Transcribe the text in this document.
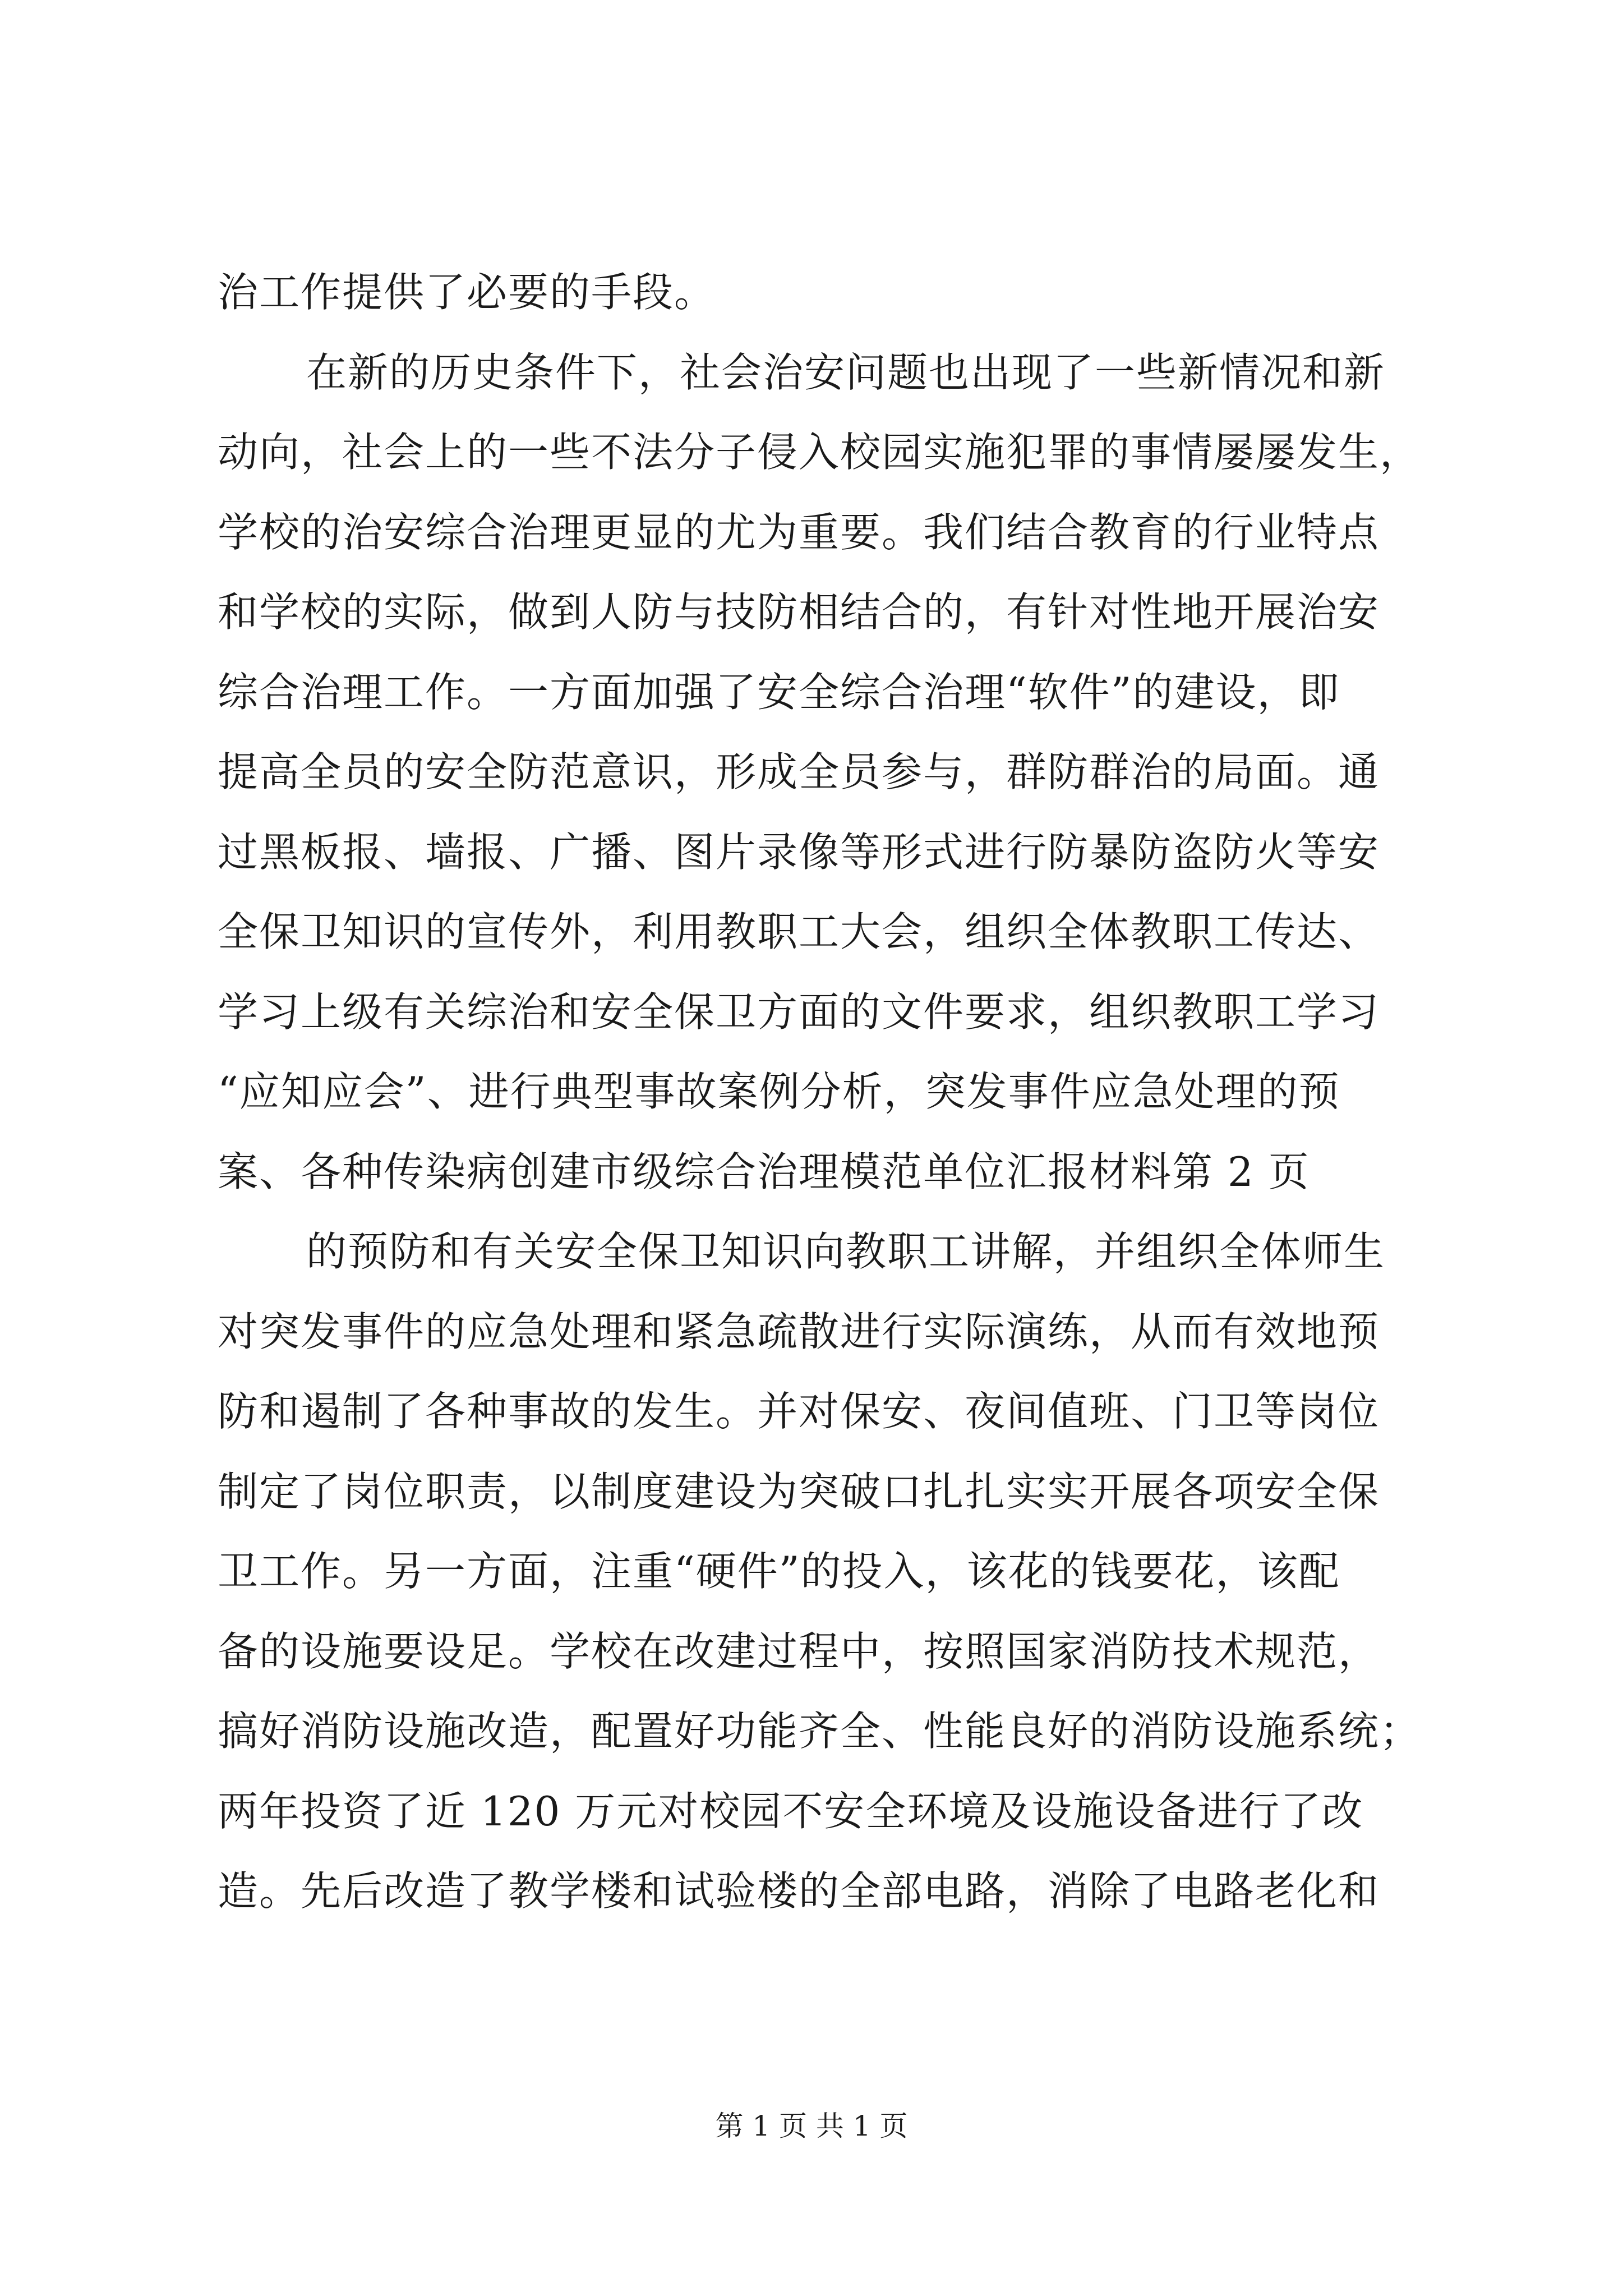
治工作提供了必要的手段。
在新的历史条件下，社会治安问题也出现了一些新情况和新
动向，社会上的一些不法分子侵入校园实施犯罪的事情屡屡发生，
学校的治安综合治理更显的尤为重要。我们结合教育的行业特点
和学校的实际，做到人防与技防相结合的，有针对性地开展治安
综合治理工作。一方面加强了安全综合治理“软件”的建设，即
提高全员的安全防范意识，形成全员参与，群防群治的局面。通
过黑板报、墙报、广播、图片录像等形式进行防暴防盗防火等安
全保卫知识的宣传外，利用教职工大会，组织全体教职工传达、
学习上级有关综治和安全保卫方面的文件要求，组织教职工学习
“应知应会”、进行典型事故案例分析，突发事件应急处理的预
案、各种传染病创建市级综合治理模范单位汇报材料第 2 页
的预防和有关安全保卫知识向教职工讲解，并组织全体师生
对突发事件的应急处理和紧急疏散进行实际演练，从而有效地预
防和遏制了各种事故的发生。并对保安、夜间值班、门卫等岗位
制定了岗位职责，以制度建设为突破口扎扎实实开展各项安全保
卫工作。另一方面，注重“硬件”的投入，该花的钱要花，该配
备的设施要设足。学校在改建过程中，按照国家消防技术规范，
搞好消防设施改造，配置好功能齐全、性能良好的消防设施系统；
两年投资了近 120 万元对校园不安全环境及设施设备进行了改
造。先后改造了教学楼和试验楼的全部电路，消除了电路老化和
第 1 页 共 1 页
